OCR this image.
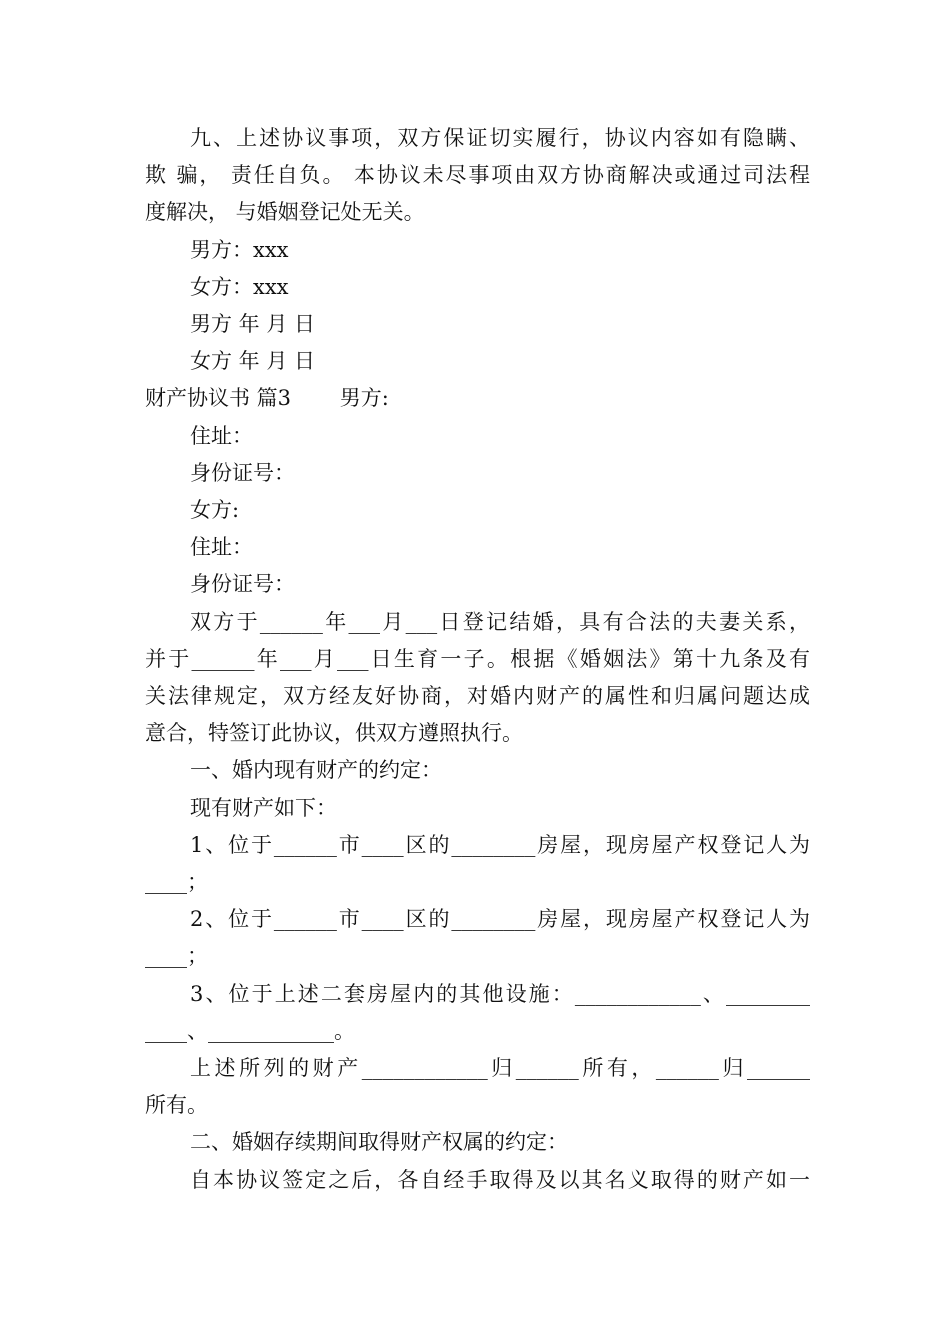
九、上述协议事项，双方保证切实履行，协议内容如有隐瞒、
欺 骗， 责任自负。 本协议未尽事项由双方协商解决或通过司法程
度解决， 与婚姻登记处无关。
男方：xxx
女方：xxx
男方 年 月 日
女方 年 月 日
财产协议书 篇3　　 男方:
住址：
身份证号：
女方:
住址：
身份证号：
双方于______年___月___日登记结婚，具有合法的夫妻关系，
并于______年___月___日生育一子。根据《婚姻法》第十九条及有
关法律规定，双方经友好协商，对婚内财产的属性和归属问题达成
意合，特签订此协议，供双方遵照执行。
一、婚内现有财产的约定：
现有财产如下：
1、位于______市____区的________房屋，现房屋产权登记人为
____；
2、位于______市____区的________房屋，现房屋产权登记人为
____；
3、位于上述二套房屋内的其他设施：____________、________
____、____________。
上述所列的财产____________归______所有，______归______
所有。
二、婚姻存续期间取得财产权属的约定：
自本协议签定之后，各自经手取得及以其名义取得的财产如一
